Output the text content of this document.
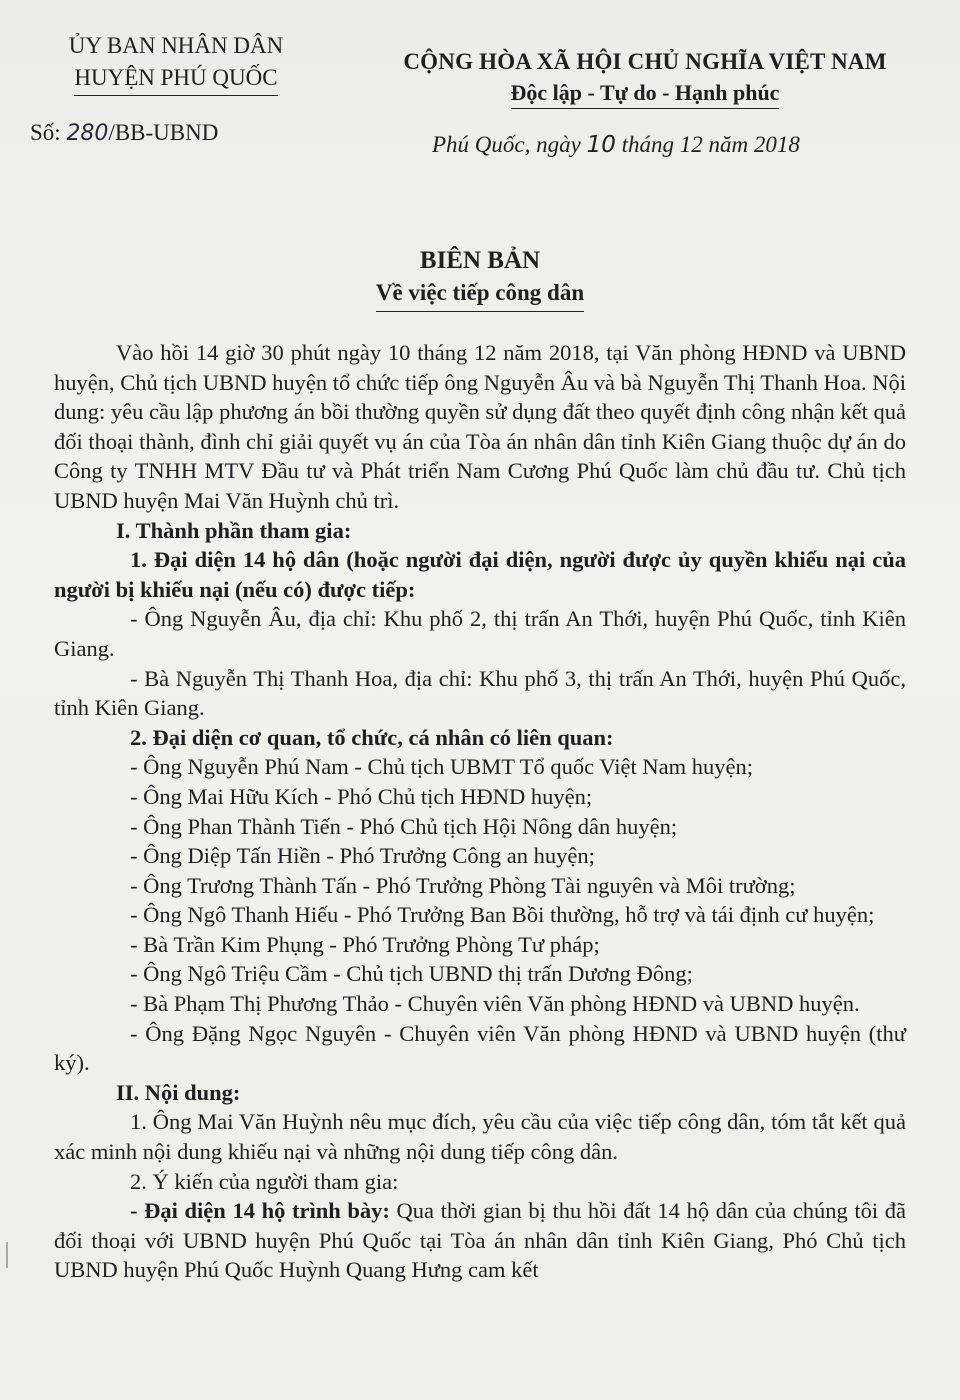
ỦY BAN NHÂN DÂN
HUYỆN PHÚ QUỐC
CỘNG HÒA XÃ HỘI CHỦ NGHĨA VIỆT NAM
Độc lập - Tự do - Hạnh phúc
Số: 280/BB-UBND	Phú Quốc, ngày 10 tháng 12 năm 2018
BIÊN BẢN
Về việc tiếp công dân

Vào hồi 14 giờ 30 phút ngày 10 tháng 12 năm 2018, tại Văn phòng HĐND và UBND huyện, Chủ tịch UBND huyện tổ chức tiếp ông Nguyễn Âu và bà Nguyễn Thị Thanh Hoa. Nội dung: yêu cầu lập phương án bồi thường quyền sử dụng đất theo quyết định công nhận kết quả đối thoại thành, đình chỉ giải quyết vụ án của Tòa án nhân dân tỉnh Kiên Giang thuộc dự án do Công ty TNHH MTV Đầu tư và Phát triển Nam Cương Phú Quốc làm chủ đầu tư. Chủ tịch UBND huyện Mai Văn Huỳnh chủ trì.

I. Thành phần tham gia:

1. Đại diện 14 hộ dân (hoặc người đại diện, người được ủy quyền khiếu nại của người bị khiếu nại (nếu có) được tiếp:

- Ông Nguyễn Âu, địa chỉ: Khu phố 2, thị trấn An Thới, huyện Phú Quốc, tỉnh Kiên Giang.

- Bà Nguyễn Thị Thanh Hoa, địa chỉ: Khu phố 3, thị trấn An Thới, huyện Phú Quốc, tỉnh Kiên Giang.

2. Đại diện cơ quan, tổ chức, cá nhân có liên quan:

- Ông Nguyễn Phú Nam - Chủ tịch UBMT Tổ quốc Việt Nam huyện;

- Ông Mai Hữu Kích - Phó Chủ tịch HĐND huyện;

- Ông Phan Thành Tiến - Phó Chủ tịch Hội Nông dân huyện;

- Ông Diệp Tấn Hiền - Phó Trưởng Công an huyện;

- Ông Trương Thành Tấn - Phó Trưởng Phòng Tài nguyên và Môi trường;

- Ông Ngô Thanh Hiếu - Phó Trưởng Ban Bồi thường, hỗ trợ và tái định cư huyện;

- Bà Trần Kim Phụng - Phó Trưởng Phòng Tư pháp;

- Ông Ngô Triệu Cầm - Chủ tịch UBND thị trấn Dương Đông;

- Bà Phạm Thị Phương Thảo - Chuyên viên Văn phòng HĐND và UBND huyện.

- Ông Đặng Ngọc Nguyên - Chuyên viên Văn phòng HĐND và UBND huyện (thư ký).

II. Nội dung:

1. Ông Mai Văn Huỳnh nêu mục đích, yêu cầu của việc tiếp công dân, tóm tắt kết quả xác minh nội dung khiếu nại và những nội dung tiếp công dân.

2. Ý kiến của người tham gia:

- Đại diện 14 hộ trình bày: Qua thời gian bị thu hồi đất 14 hộ dân của chúng tôi đã đối thoại với UBND huyện Phú Quốc tại Tòa án nhân dân tỉnh Kiên Giang, Phó Chủ tịch UBND huyện Phú Quốc Huỳnh Quang Hưng cam kết
